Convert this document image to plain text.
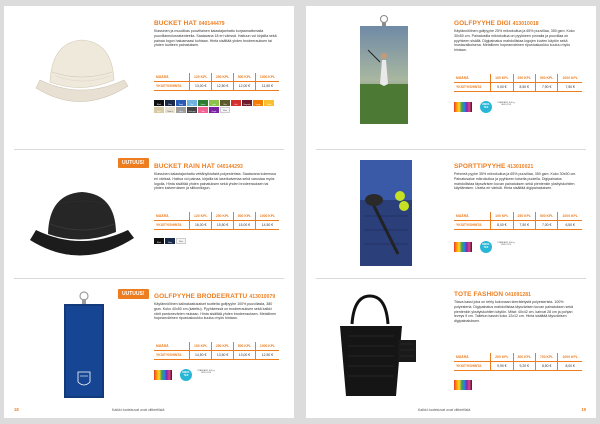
BUCKET HAT 040144479
Klassinen ja muodikas puuvillainen kalastajanhattu korjaamattomalla puuvillaneulosrakenteella. Saatavana 18 eri värissä. Hattuun voi kirjailla sekä painaa logon haluamaasi kohtaan. Hinta sisältää yhden brodeerauksen tai yhden tuotteen painatuksen.
MÄÄRÄ	120 KPL	250 KPL	500 KPL	1000 KPL
YKSITYISHINTA	13,00 €	12,50 €	12,00 €	11,50 €
Black	Navy	Royal	Sky	Green	Lime	Olive	Red	Burgundy	Orange	Yellow
Beige	Natural	Grey	Dark grey	Pink	Purple
White
UUTUUS!	BUCKET RAIN HAT 040144293
Klassinen kalastajanhattu vettähylkivästä polyesterista. Saatavana kolmessa eri värissä. Hattua voi painaa, kirjailla tai laserkaivertaa sekä varustaa myös logolla. Hinta sisältää yhden painatuksen sekä yhden brodeerauksen tai yhden kaiverruksen ja silikonilogon.
MÄÄRÄ	120 KPL	250 KPL	500 KPL	1000 KPL
YKSITYISHINTA	16,00 €	15,50 €	15,00 €	14,50 €
Black	Navy
White
UUTUUS!	GOLFPYYHE BRODEERATTU 413010079
Käytännöllinen kalinakastusaiset tuotteita golfpyyhe 100% puuvillasta, 380 gsm. Koko 40x50 cm (katettu). Pyyhkeessä on brodeerauksen sekä kaikki värit pantonevärien mukaan. Hinta sisältää yhden brodeerauksen. Metallinen hopeanvärinen ripustuskoukku kuuluu myös hintaan.
MÄÄRÄ	100 KPL	250 KPL	500 KPL	1000 KPL
YKSITYISHINTA	14,50 €	13,50 €	13,00 €	12,50 €
OEKO-TEX
STANDARD 100 by OEKO-TEX
18	Kaikki tuotekuvat ovat viitteellisiä
GOLFPYYHE DIGI 413010018
Käytännöllinen golfpyyhe 25% mikrokuitua ja 65% puuvillaa, 350 gsm. Koko 30x50 cm. Painatustila mikrokuitua on pyyhkeen pinnalla ja puuvillaa on pyyhkeen sisällä. Digipainatus mahdollistaa logojen kuvien käytön sekä mustavalkoisena. Metallinen hopeanvärinen ripustuskoukku kuuluu myös hintaan.
MÄÄRÄ	100 KPL	250 KPL	500 KPL	1000 KPL
YKSITYISHINTA	9,00 €	8,50 €	7,90 €	7,50 €
OEKO-TEX
STANDARD 100 by OEKO-TEX
SPORTTIPYYHE 413010021
Pehmeä pyyhe 35% mikrokuitua ja 65% puuvillaa, 350 gsm. Koko 30x50 cm. Painatusalue mikrokuitua ja pyyhkeen toisella puolella. Digipainatus mahdollistaa täysvärisen kuvan painatuksen sekä pientenkin yksityiskohtien käyttämisen. Useita eri värisiä. Hinta sisältää digipainatuksen.
MÄÄRÄ	100 KPL	250 KPL	500 KPL	1000 KPL
YKSITYISHINTA	8,00 €	7,50 €	7,00 €	6,50 €
OEKO-TEX
STANDARD 100 by OEKO-TEX
TOTE FASHION 041091281
Tilava kassi joka on tehty kokonaan kierrätetystä polyesterista. 100% polyesteria. Digipainatus mahdollistaa täysvärisen kuvan painatuksen sekä pientenkin yksityiskohtien käytön. Mitat: 40x42 cm, kahvat 28 cm ja pohjan leveys 9 cm. Taitetun kassin koko 12x12 cm. Hinta sisältää täysvärisen digipainatuksen.
MÄÄRÄ	200 KPL	300 KPL	700 KPL	1000 KPL
YKSITYISHINTA	9,90 €	9,20 €	8,50 €	8,00 €
Kaikki tuotekuvat ovat viitteellisiä	19
